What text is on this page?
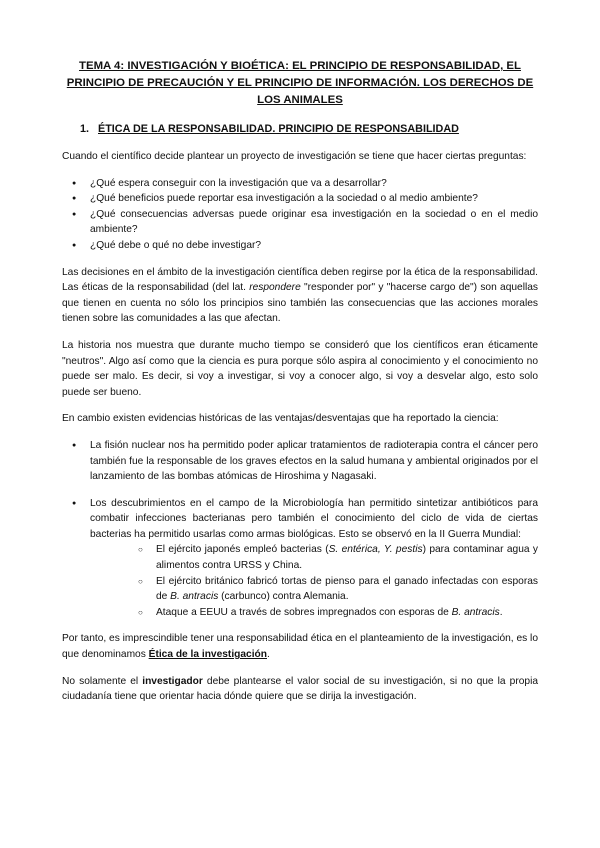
TEMA 4: INVESTIGACIÓN Y BIOÉTICA: EL PRINCIPIO DE RESPONSABILIDAD, EL PRINCIPIO DE PRECAUCIÓN Y EL PRINCIPIO DE INFORMACIÓN. LOS DERECHOS DE LOS ANIMALES
1. ÉTICA DE LA RESPONSABILIDAD. PRINCIPIO DE RESPONSABILIDAD

Cuando el científico decide plantear un proyecto de investigación se tiene que hacer ciertas preguntas:

● ¿Qué espera conseguir con la investigación que va a desarrollar?
● ¿Qué beneficios puede reportar esa investigación a la sociedad o al medio ambiente?
● ¿Qué consecuencias adversas puede originar esa investigación en la sociedad o en el medio ambiente?
● ¿Qué debe o qué no debe investigar?

Las decisiones en el ámbito de la investigación científica deben regirse por la ética de la responsabilidad. Las éticas de la responsabilidad (del lat. respondere "responder por" y "hacerse cargo de") son aquellas que tienen en cuenta no sólo los principios sino también las consecuencias que las acciones morales tienen sobre las comunidades a las que afectan.

La historia nos muestra que durante mucho tiempo se consideró que los científicos eran éticamente "neutros". Algo así como que la ciencia es pura porque sólo aspira al conocimiento y el conocimiento no puede ser malo. Es decir, si voy a investigar, si voy a conocer algo, si voy a desvelar algo, esto solo puede ser bueno.

En cambio existen evidencias históricas de las ventajas/desventajas que ha reportado la ciencia:

● La fisión nuclear nos ha permitido poder aplicar tratamientos de radioterapia contra el cáncer pero también fue la responsable de los graves efectos en la salud humana y ambiental originados por el lanzamiento de las bombas atómicas de Hiroshima y Nagasaki.
● Los descubrimientos en el campo de la Microbiología han permitido sintetizar antibióticos para combatir infecciones bacterianas pero también el conocimiento del ciclo de vida de ciertas bacterias ha permitido usarlas como armas biológicas. Esto se observó en la II Guerra Mundial:
○ El ejército japonés empleó bacterias (S. entérica, Y. pestis) para contaminar agua y alimentos contra URSS y China.
○ El ejército británico fabricó tortas de pienso para el ganado infectadas con esporas de B. antracis (carbunco) contra Alemania.
○ Ataque a EEUU a través de sobres impregnados con esporas de B. antracis.

Por tanto, es imprescindible tener una responsabilidad ética en el planteamiento de la investigación, es lo que denominamos Ética de la investigación.

No solamente el investigador debe plantearse el valor social de su investigación, si no que la propia ciudadanía tiene que orientar hacia dónde quiere que se dirija la investigación.
